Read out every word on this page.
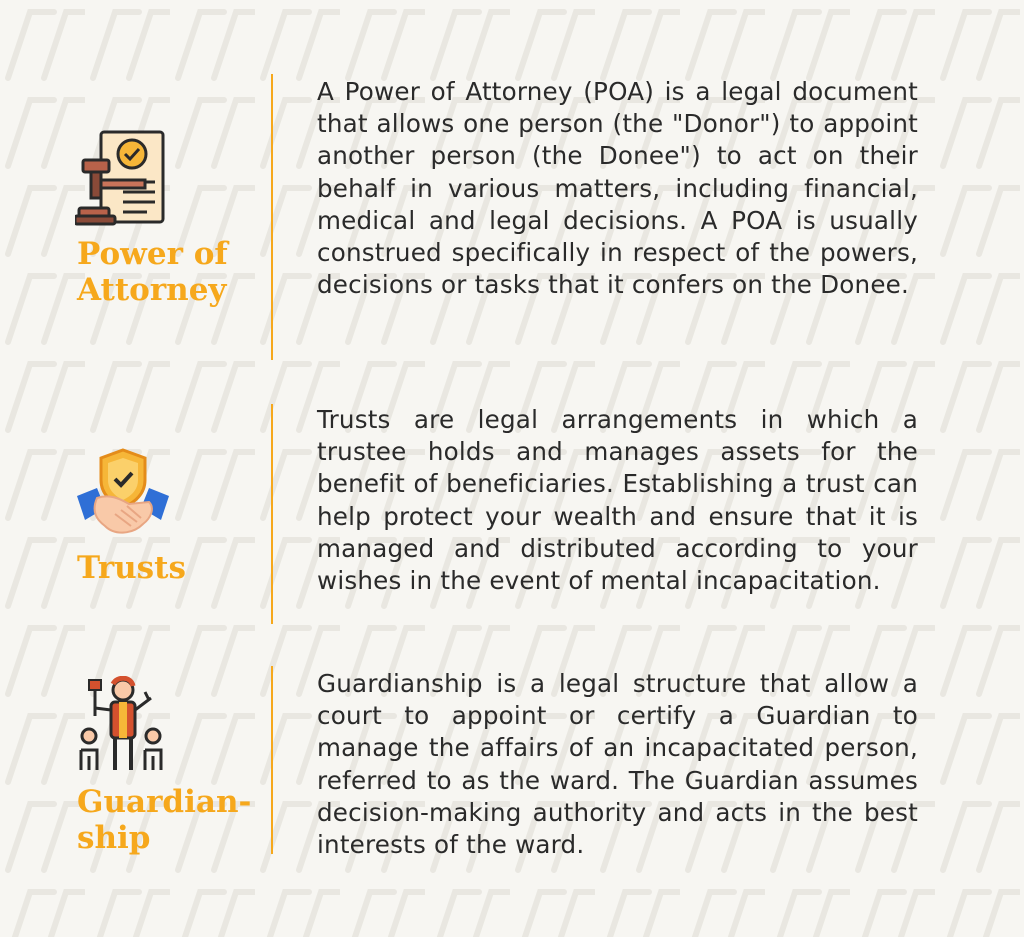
Power of
Attorney

A Power of Attorney (POA) is a legal document that allows one person (the "Donor") to appoint another person (the Donee") to act on their behalf in various matters, including financial, medical and legal decisions. A POA is usually construed specifically in respect of the powers, decisions or tasks that it confers on the Donee.

Trusts

Trusts are legal arrangements in which a trustee holds and manages assets for the benefit of beneficiaries. Establishing a trust can help protect your wealth and ensure that it is managed and distributed according to your wishes in the event of mental incapacitation.

Guardian-
ship

Guardianship is a legal structure that allow a court to appoint or certify a Guardian to manage the affairs of an incapacitated person, referred to as the ward. The Guardian assumes decision-making authority and acts in the best interests of the ward.
